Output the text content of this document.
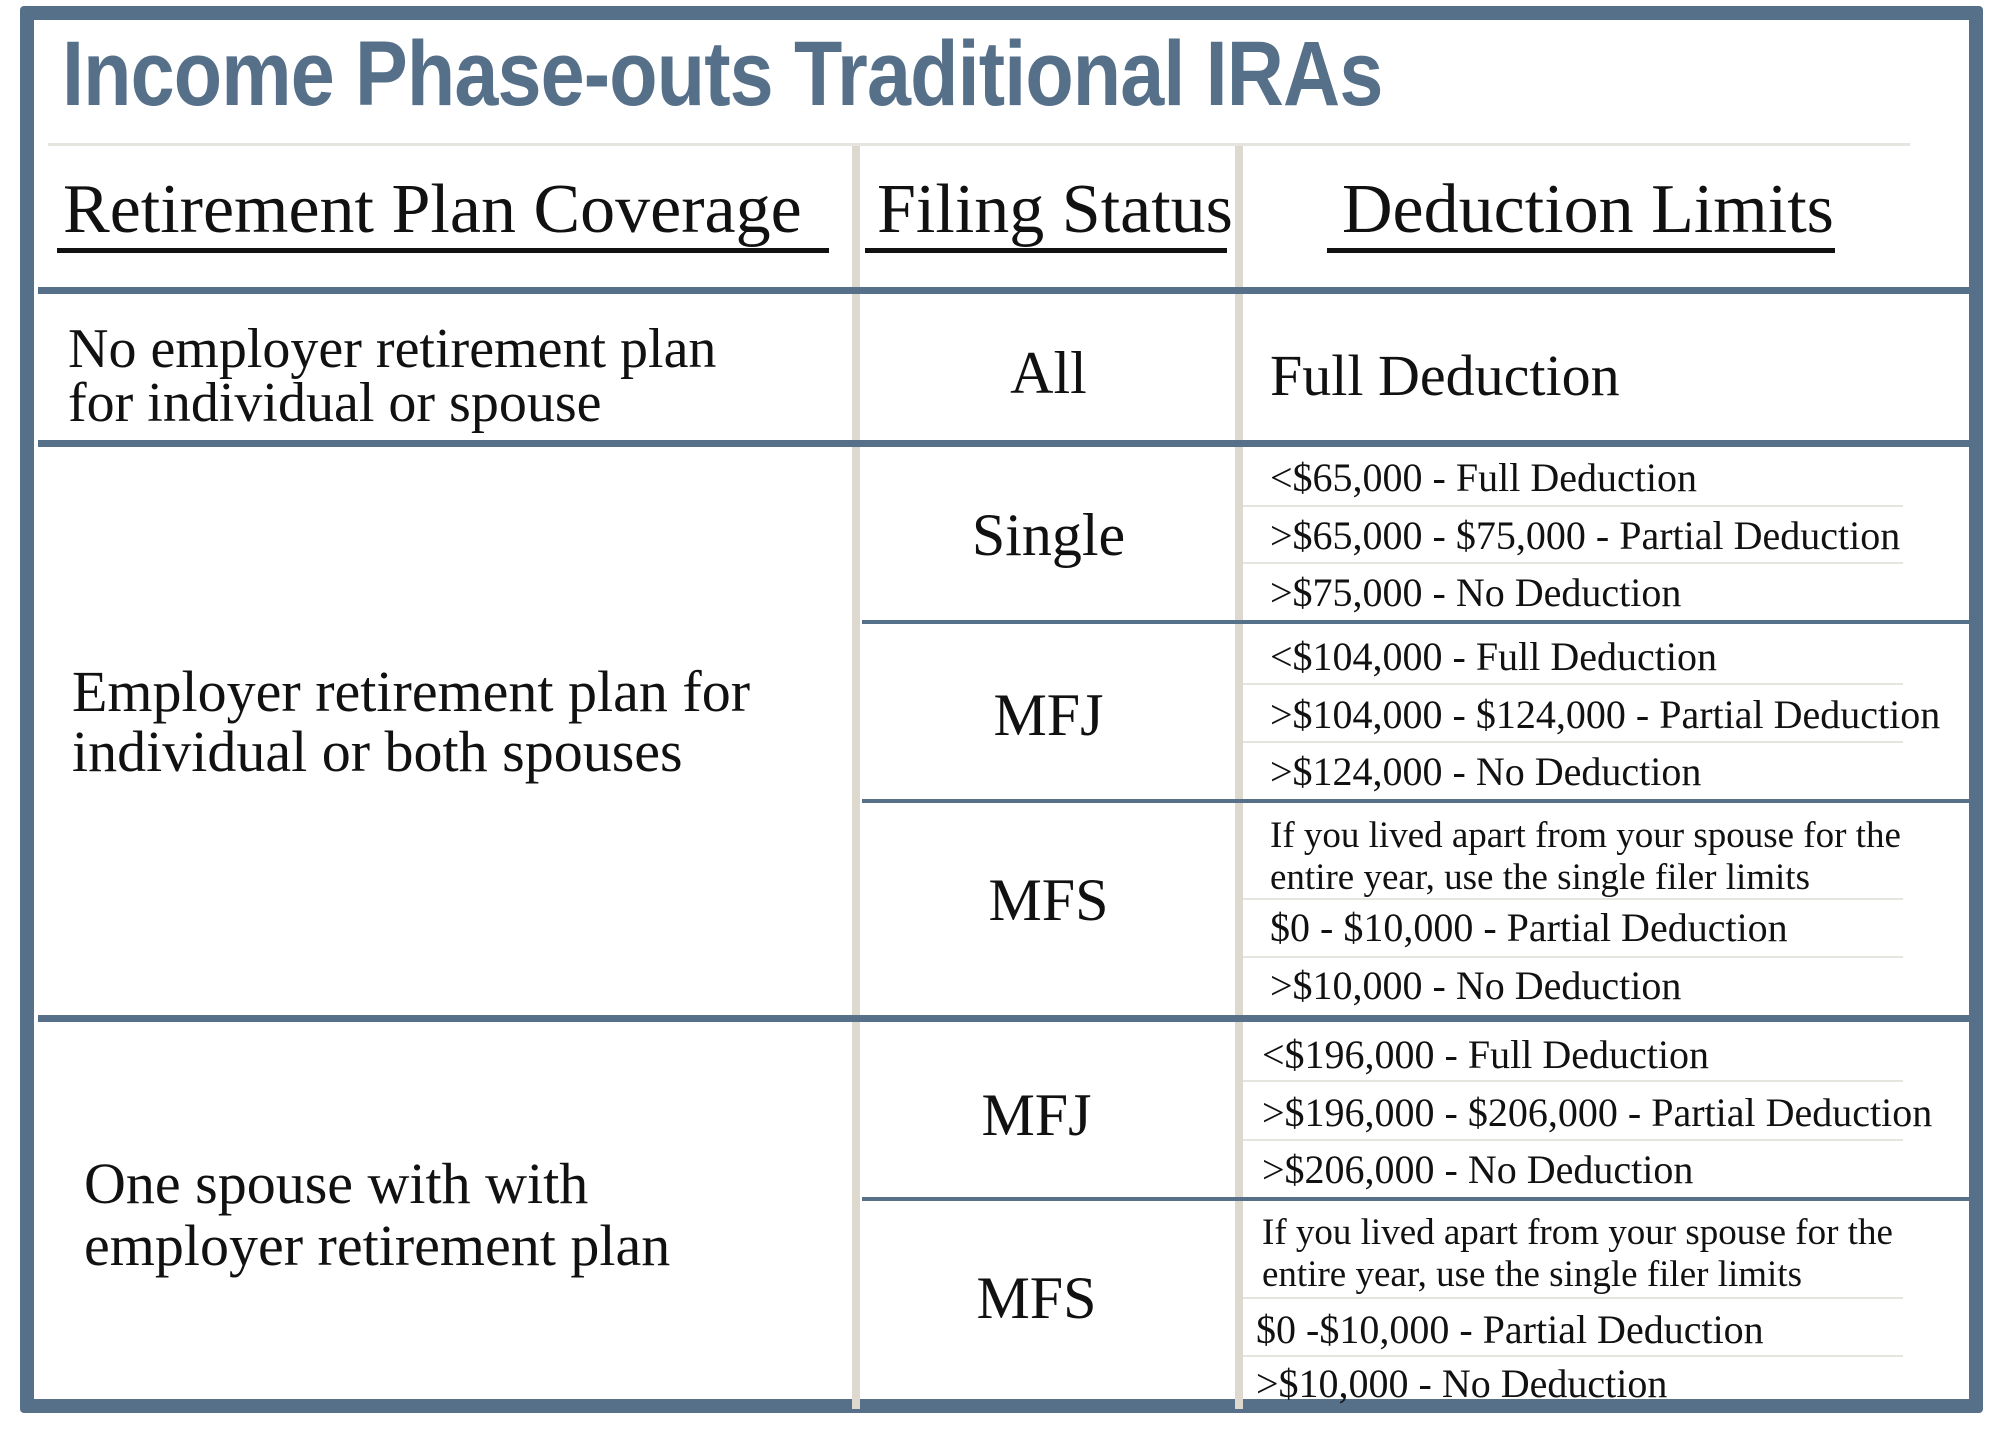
Income Phase-outs Traditional IRAs
Retirement Plan Coverage Filing Status Deduction Limits
No employer retirement plan
for individual or spouse	All	Full Deduction
Employer retirement plan for
individual or both spouses
Single
<$65,000 - Full Deduction
>$65,000 - $75,000 - Partial Deduction
>$75,000 - No Deduction
MFJ
<$104,000 - Full Deduction
>$104,000 - $124,000 - Partial Deduction
>$124,000 - No Deduction
MFS
If you lived apart from your spouse for the
entire year, use the single filer limits
$0 - $10,000 - Partial Deduction
>$10,000 - No Deduction
One spouse with with
employer retirement plan
MFJ
<$196,000 - Full Deduction
>$196,000 - $206,000 - Partial Deduction
>$206,000 - No Deduction
MFS
If you lived apart from your spouse for the
entire year, use the single filer limits
$0 -$10,000 - Partial Deduction
>$10,000 - No Deduction
